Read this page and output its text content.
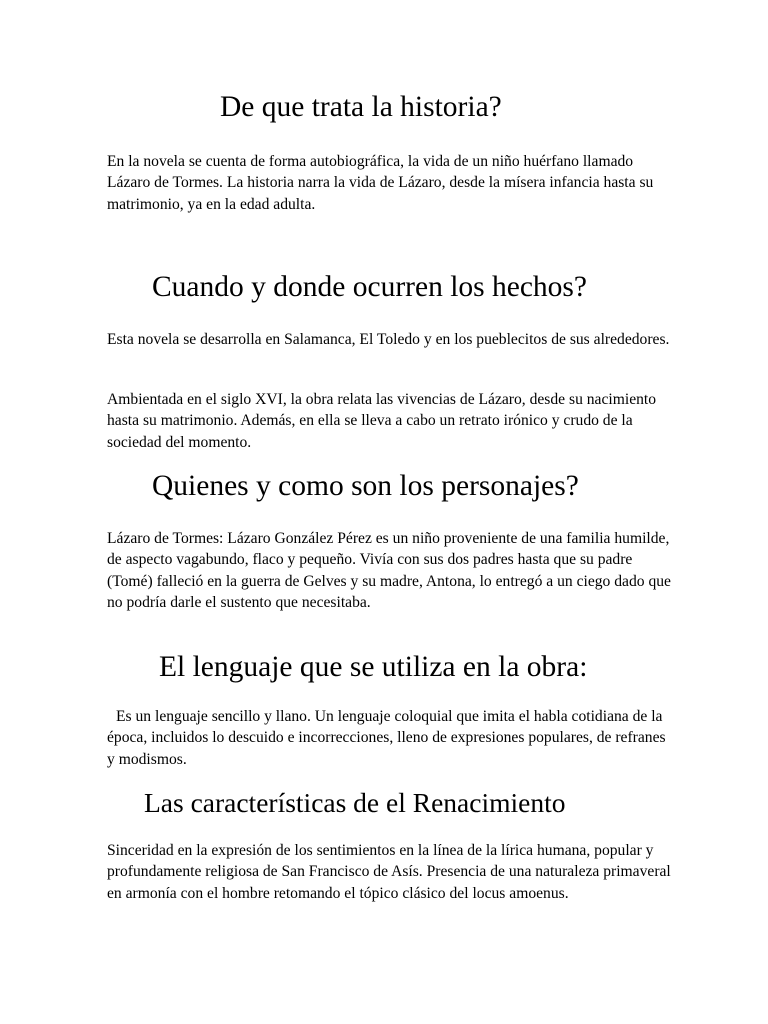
De que trata la historia?

En la novela se cuenta de forma autobiográfica, la vida de un niño huérfano llamado Lázaro de Tormes. La historia narra la vida de Lázaro, desde la mísera infancia hasta su matrimonio, ya en la edad adulta.

Cuando y donde ocurren los hechos?

Esta novela se desarrolla en Salamanca, El Toledo y en los pueblecitos de sus alrededores.

Ambientada en el siglo XVI, la obra relata las vivencias de Lázaro, desde su nacimiento hasta su matrimonio. Además, en ella se lleva a cabo un retrato irónico y crudo de la sociedad del momento.

Quienes y como son los personajes?

Lázaro de Tormes: Lázaro González Pérez es un niño proveniente de una familia humilde, de aspecto vagabundo, flaco y pequeño. Vivía con sus dos padres hasta que su padre (Tomé) falleció en la guerra de Gelves y su madre, Antona, lo entregó a un ciego dado que no podría darle el sustento que necesitaba.

El lenguaje que se utiliza en la obra:

Es un lenguaje sencillo y llano. Un lenguaje coloquial que imita el habla cotidiana de la época, incluidos lo descuido e incorrecciones, lleno de expresiones populares, de refranes y modismos.

Las características de el Renacimiento

Sinceridad en la expresión de los sentimientos en la línea de la lírica humana, popular y profundamente religiosa de San Francisco de Asís. Presencia de una naturaleza primaveral en armonía con el hombre retomando el tópico clásico del locus amoenus.
